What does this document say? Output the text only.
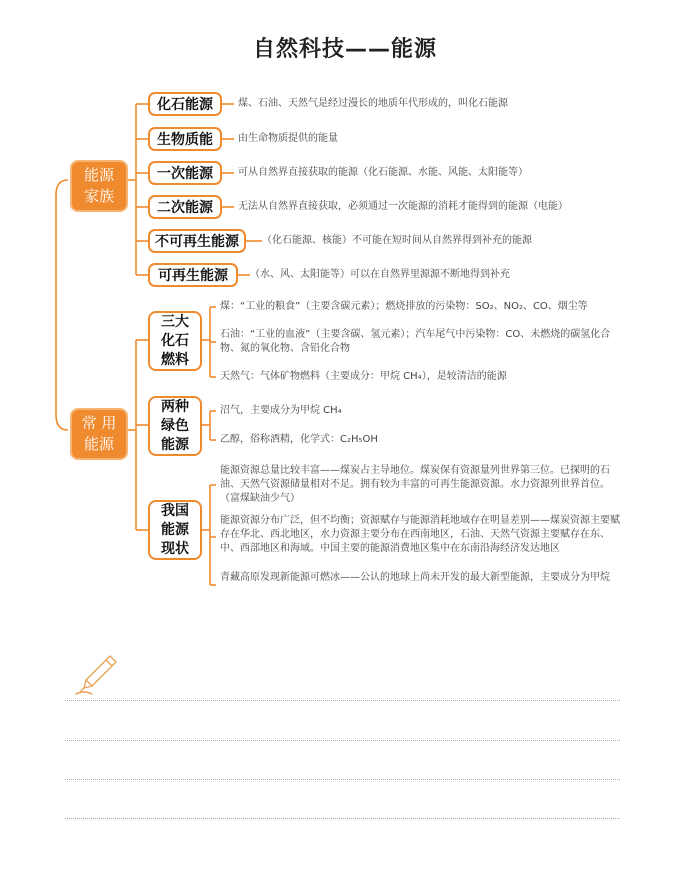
自然科技——能源
能源
家族
化石能源	煤、石油、天然气是经过漫长的地质年代形成的，叫化石能源
生物质能	由生命物质提供的能量
一次能源	可从自然界直接获取的能源（化石能源、水能、风能、太阳能等）
二次能源	无法从自然界直接获取，必须通过一次能源的消耗才能得到的能源（电能）
不可再生能源	（化石能源、核能）不可能在短时间从自然界得到补充的能源
可再生能源	（水、风、太阳能等）可以在自然界里源源不断地得到补充
常 用
能源
三大
化石
燃料
煤：“工业的粮食”（主要含碳元素）；燃烧排放的污染物：SO₂、NO₂、CO、烟尘等
石油：“工业的血液”（主要含碳、氢元素）；汽车尾气中污染物：CO、未燃烧的碳氢化合物、氮的氧化物、含铅化合物
天然气：气体矿物燃料（主要成分：甲烷 CH₄），是较清洁的能源
两种
绿色
能源
沼气，主要成分为甲烷 CH₄
乙醇，俗称酒精，化学式：C₂H₅OH
我国
能源
现状
能源资源总量比较丰富——煤炭占主导地位。煤炭保有资源量列世界第三位。已探明的石油、天然气资源储量相对不足。拥有较为丰富的可再生能源资源。水力资源列世界首位。（富煤缺油少气）
能源资源分布广泛，但不均衡；资源赋存与能源消耗地域存在明显差别——煤炭资源主要赋存在华北、西北地区，水力资源主要分布在西南地区，石油、天然气资源主要赋存在东、中、西部地区和海域。中国主要的能源消费地区集中在东南沿海经济发达地区
青藏高原发现新能源可燃冰——公认的地球上尚未开发的最大新型能源，主要成分为甲烷
